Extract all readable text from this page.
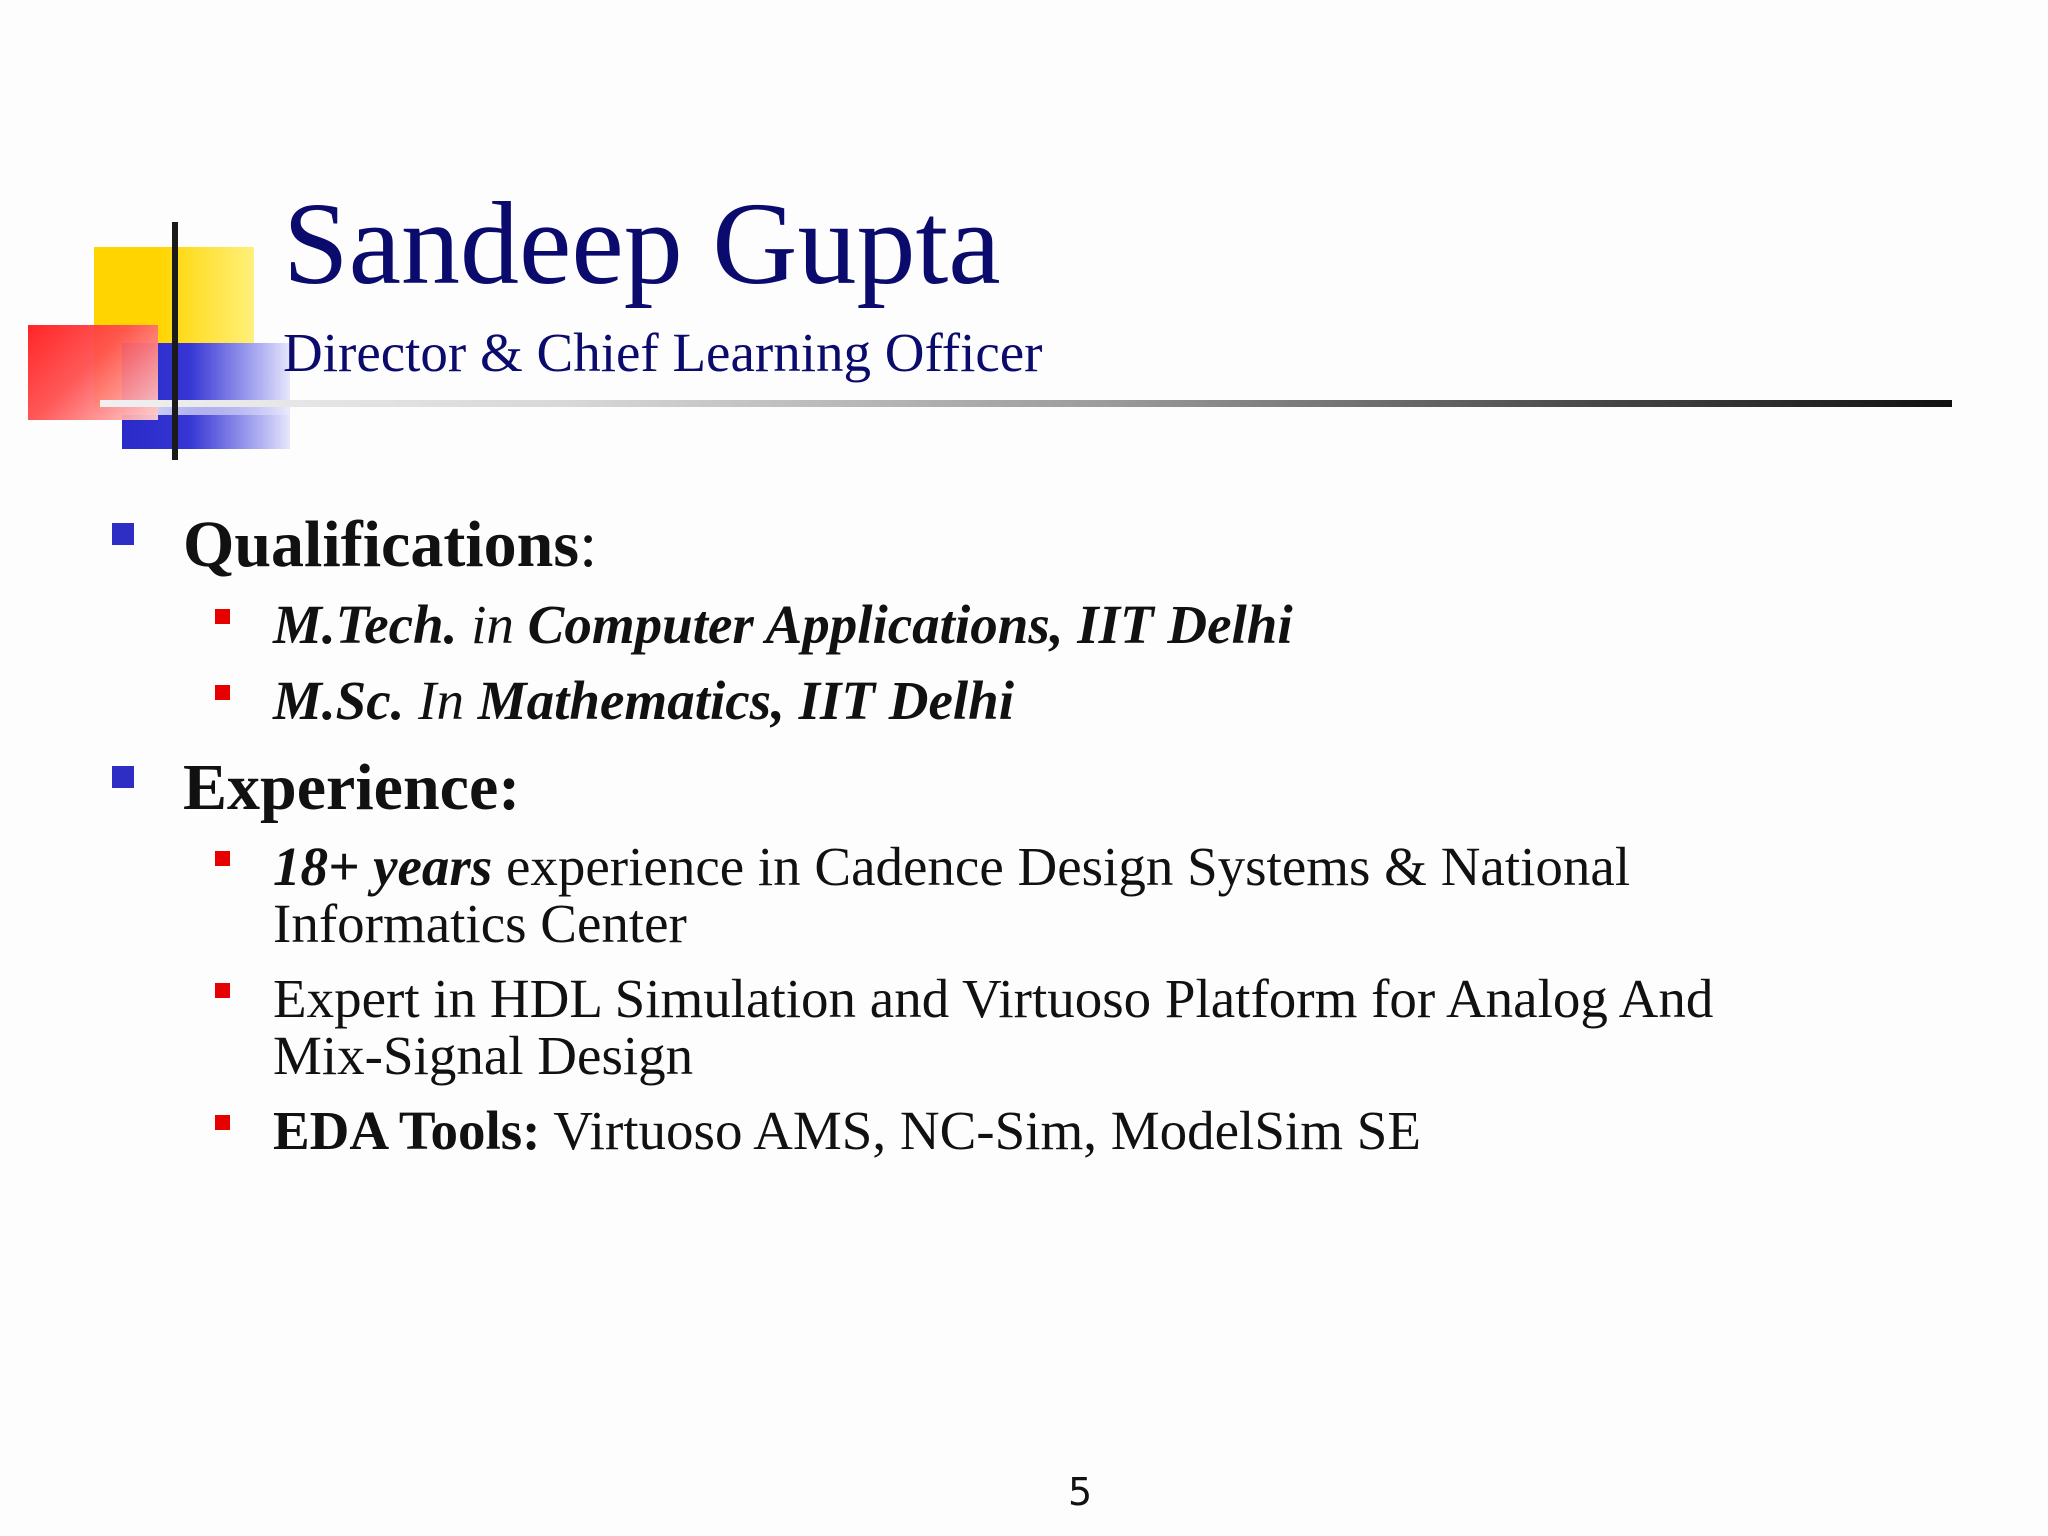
Sandeep Gupta
Director & Chief Learning Officer
Qualifications:
M.Tech. in Computer Applications, IIT Delhi
M.Sc. In Mathematics, IIT Delhi
Experience:
18+ years experience in Cadence Design Systems & National Informatics Center
Expert in HDL Simulation and Virtuoso Platform for Analog And Mix-Signal Design
EDA Tools: Virtuoso AMS, NC-Sim, ModelSim SE
5
